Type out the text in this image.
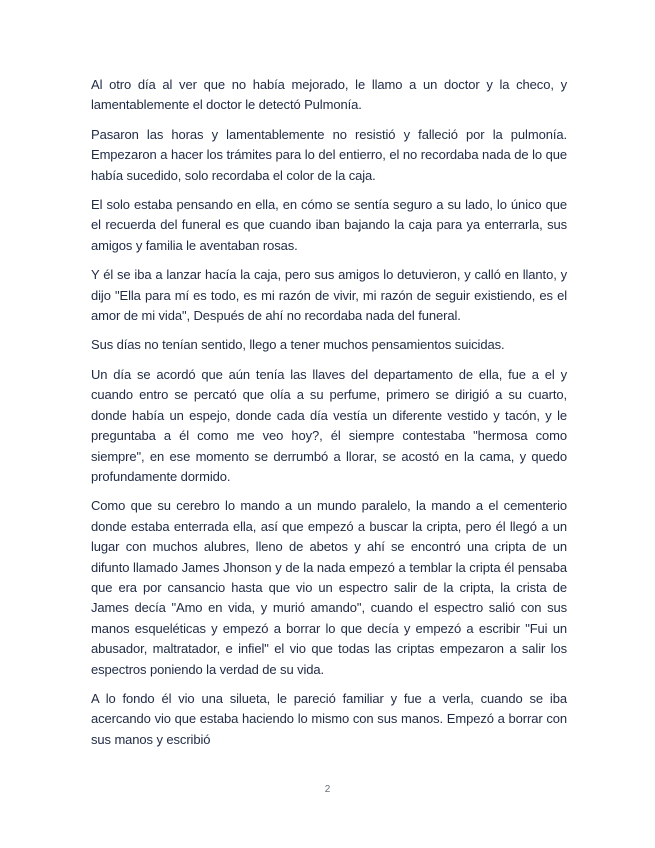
Al otro día al ver que no había mejorado, le llamo a un doctor y la checo, y lamentablemente el doctor le detectó Pulmonía.

Pasaron las horas y lamentablemente no resistió y falleció por la pulmonía. Empezaron a hacer los trámites para lo del entierro, el no recordaba nada de lo que había sucedido, solo recordaba el color de la caja.

El solo estaba pensando en ella, en cómo se sentía seguro a su lado, lo único que el recuerda del funeral es que cuando iban bajando la caja para ya enterrarla, sus amigos y familia le aventaban rosas.

Y él se iba a lanzar hacía la caja, pero sus amigos lo detuvieron, y calló en llanto, y dijo "Ella para mí es todo, es mi razón de vivir, mi razón de seguir existiendo, es el amor de mi vida", Después de ahí no recordaba nada del funeral.

Sus días no tenían sentido, llego a tener muchos pensamientos suicidas.

Un día se acordó que aún tenía las llaves del departamento de ella, fue a el y cuando entro se percató que olía a su perfume, primero se dirigió a su cuarto, donde había un espejo, donde cada día vestía un diferente vestido y tacón, y le preguntaba a él como me veo hoy?, él siempre contestaba "hermosa como siempre", en ese momento se derrumbó a llorar, se acostó en la cama, y quedo profundamente dormido.

Como que su cerebro lo mando a un mundo paralelo, la mando a el cementerio donde estaba enterrada ella, así que empezó a buscar la cripta, pero él llegó a un lugar con muchos alubres, lleno de abetos y ahí se encontró una cripta de un difunto llamado James Jhonson y de la nada empezó a temblar la cripta él pensaba que era por cansancio hasta que vio un espectro salir de la cripta, la crista de James decía "Amo en vida, y murió amando", cuando el espectro salió con sus manos esqueléticas y empezó a borrar lo que decía y empezó a escribir "Fui un abusador, maltratador, e infiel" el vio que todas las criptas empezaron a salir los espectros poniendo la verdad de su vida.

A lo fondo él vio una silueta, le pareció familiar y fue a verla, cuando se iba acercando vio que estaba haciendo lo mismo con sus manos. Empezó a borrar con sus manos y escribió

2
